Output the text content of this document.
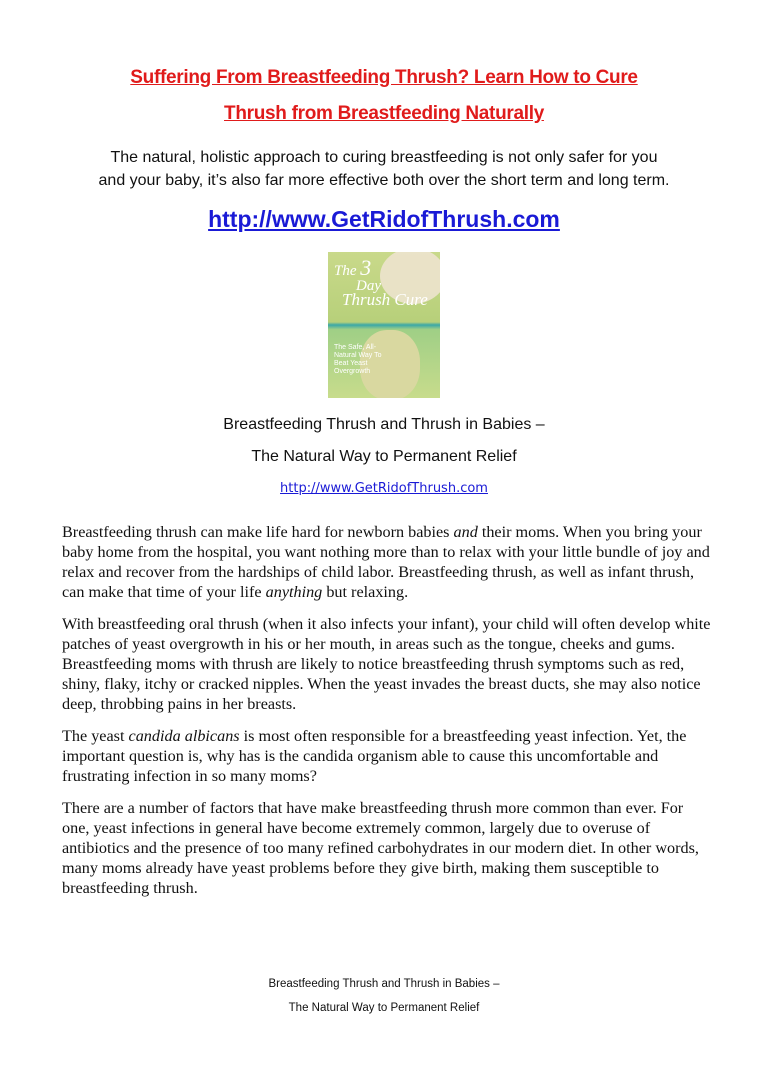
Suffering From Breastfeeding Thrush? Learn How to Cure
Thrush from Breastfeeding Naturally
The natural, holistic approach to curing breastfeeding is not only safer for you
and your baby, it’s also far more effective both over the short term and long term.
http://www.GetRidofThrush.com
The 3
Day
Thrush Cure
The Safe, All-Natural Way To Beat Yeast Overgrowth
Breastfeeding Thrush and Thrush in Babies –
The Natural Way to Permanent Relief
http://www.GetRidofThrush.com

Breastfeeding thrush can make life hard for newborn babies and their moms. When you bring your baby home from the hospital, you want nothing more than to relax with your little bundle of joy and relax and recover from the hardships of child labor. Breastfeeding thrush, as well as infant thrush, can make that time of your life anything but relaxing.

With breastfeeding oral thrush (when it also infects your infant), your child will often develop white patches of yeast overgrowth in his or her mouth, in areas such as the tongue, cheeks and gums. Breastfeeding moms with thrush are likely to notice breastfeeding thrush symptoms such as red, shiny, flaky, itchy or cracked nipples. When the yeast invades the breast ducts, she may also notice deep, throbbing pains in her breasts.

The yeast candida albicans is most often responsible for a breastfeeding yeast infection. Yet, the important question is, why has is the candida organism able to cause this uncomfortable and frustrating infection in so many moms?

There are a number of factors that have make breastfeeding thrush more common than ever. For one, yeast infections in general have become extremely common, largely due to overuse of antibiotics and the presence of too many refined carbohydrates in our modern diet. In other words, many moms already have yeast problems before they give birth, making them susceptible to breastfeeding thrush.

Breastfeeding Thrush and Thrush in Babies –
The Natural Way to Permanent Relief
